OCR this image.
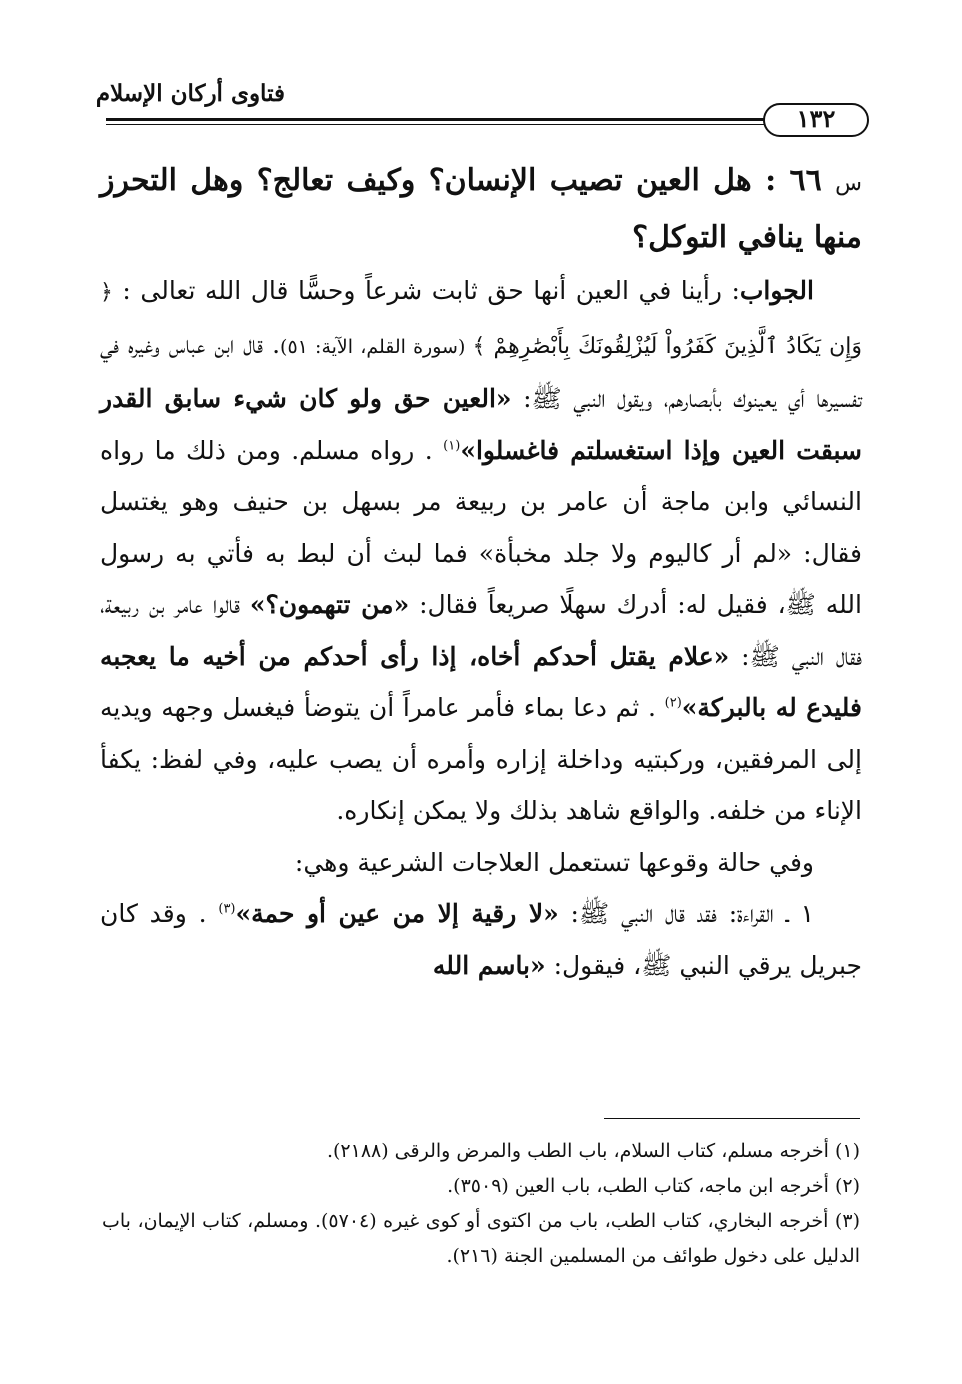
فتاوى أركان الإسلام
١٣٢

س ٦٦ : هل العين تصيب الإنسان؟ وكيف تعالج؟ وهل التحرز منها ينافي التوكل؟

الجواب: رأينا في العين أنها حق ثابت شرعاً وحسًّا قال الله تعالى : ﴿ وَإِن يَكَادُ ٱلَّذِينَ كَفَرُواْ لَيُزْلِقُونَكَ بِأَبْصَٰرِهِمْ ﴾ (سورة القلم، الآية: ٥١). قال ابن عباس وغيره في تفسيرها أي يعينوك بأبصارهم، ويقول النبي ﷺ: «العين حق ولو كان شيء سابق القدر سبقت العين وإذا استغسلتم فاغسلوا»$^{(١)}$ . رواه مسلم. ومن ذلك ما رواه النسائي وابن ماجة أن عامر بن ربيعة مر بسهل بن حنيف وهو يغتسل فقال: «لم أر كاليوم ولا جلد مخبأة» فما لبث أن لبط به فأتي به رسول الله ﷺ، فقيل له: أدرك سهلًا صريعاً فقال: «من تتهمون؟» قالوا عامر بن ربيعة، فقال النبي ﷺ: «علام يقتل أحدكم أخاه، إذا رأى أحدكم من أخيه ما يعجبه فليدع له بالبركة»$^{(٢)}$ . ثم دعا بماء فأمر عامراً أن يتوضأ فيغسل وجهه ويديه إلى المرفقين، وركبتيه وداخلة إزاره وأمره أن يصب عليه، وفي لفظ: يكفأ الإناء من خلفه. والواقع شاهد بذلك ولا يمكن إنكاره.

وفي حالة وقوعها تستعمل العلاجات الشرعية وهي:

١ ـ القراءة: فقد قال النبي ﷺ: «لا رقية إلا من عين أو حمة»$^{(٣)}$ . وقد كان جبريل يرقي النبي ﷺ، فيقول: «باسم الله

(١) أخرجه مسلم، كتاب السلام، باب الطب والمرض والرقى (٢١٨٨).

(٢) أخرجه ابن ماجه، كتاب الطب، باب العين (٣٥٠٩).

(٣) أخرجه البخاري، كتاب الطب، باب من اكتوى أو كوى غيره (٥٧٠٤). ومسلم، كتاب الإيمان، باب الدليل على دخول طوائف من المسلمين الجنة (٢١٦).
